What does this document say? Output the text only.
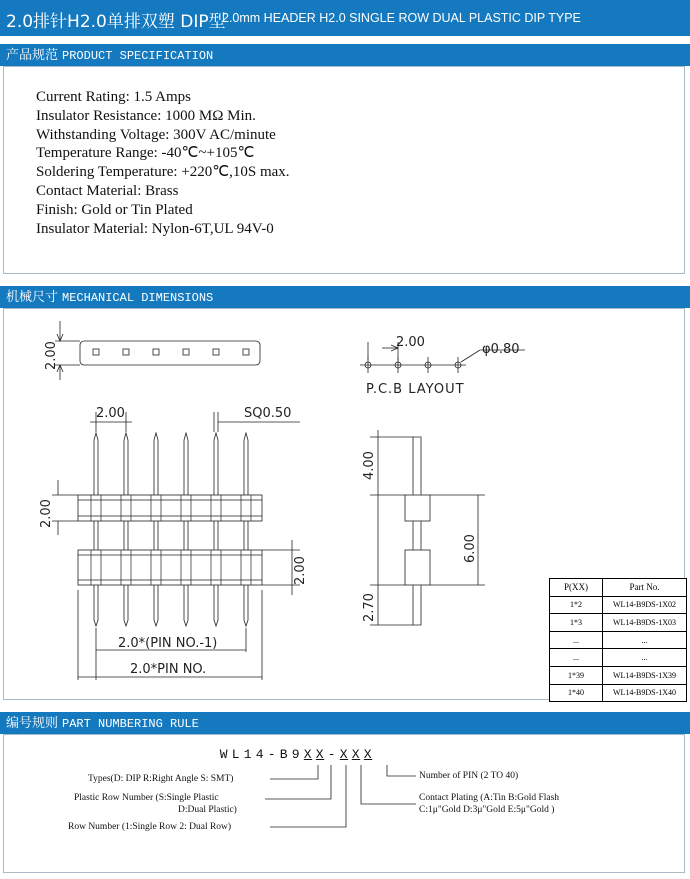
2.0排针H2.0单排双塑 DIP型
2.0mm HEADER H2.0 SINGLE ROW DUAL PLASTIC DIP TYPE
产品规范 PRODUCT SPECIFICATION
Current Rating: 1.5 Amps
Insulator Resistance: 1000 MΩ Min.
Withstanding Voltage: 300V AC/minute
Temperature Range: -40℃~+105℃
Soldering Temperature: +220℃,10S max.
Contact Material: Brass
Finish: Gold or Tin Plated
Insulator Material: Nylon-6T,UL 94V-0
机械尺寸 MECHANICAL DIMENSIONS
2.00	2.00	φ0.80
P.C.B LAYOUT
2.00	SQ0.50
2.00
2.00
2.0*(PIN NO.-1)
2.0*PIN NO.
4.00
6.00
2.70
P(XX)	Part No.
1*2	WL14-B9DS-1X02
1*3	WL14-B9DS-1X03
...	...
...	...
1*39	WL14-B9DS-1X39
1*40	WL14-B9DS-1X40
编号规则 PART NUMBERING RULE
W L 1 4 - B 9 X X - X X X
Types(D: DIP R:Right Angle S: SMT)
Plastic Row Number (S:Single Plastic
D:Dual Plastic)
Row Number (1:Single Row 2: Dual Row)
Number of PIN (2 TO 40)
Contact Plating (A:Tin B:Gold Flash
C:1μ"Gold D:3μ"Gold E:5μ"Gold )
